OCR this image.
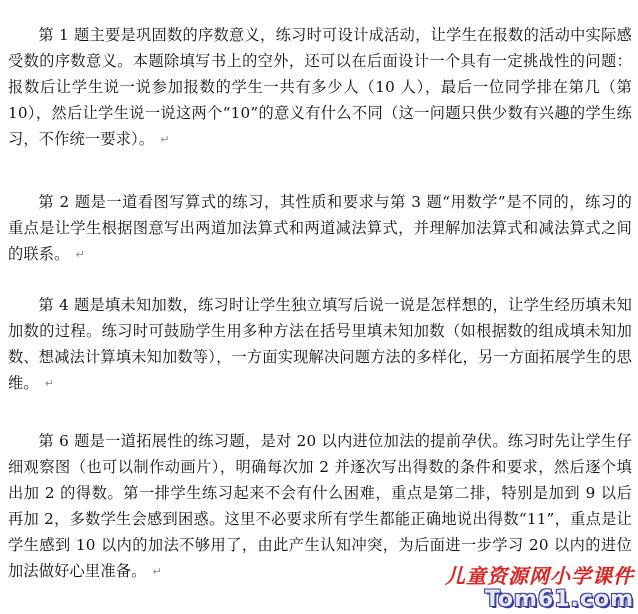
第 1 题主要是巩固数的序数意义，练习时可设计成活动，让学生在报数的活动中实际感受数的序数意义。本题除填写书上的空外，还可以在后面设计一个具有一定挑战性的问题：报数后让学生说一说参加报数的学生一共有多少人（10 人），最后一位同学排在第几（第 10），然后让学生说一说这两个“10”的意义有什么不同（这一问题只供少数有兴趣的学生练习，不作统一要求）。 ↵

第 2 题是一道看图写算式的练习，其性质和要求与第 3 题“用数学”是不同的，练习的重点是让学生根据图意写出两道加法算式和两道减法算式，并理解加法算式和减法算式之间的联系。 ↵

第 4 题是填未知加数，练习时让学生独立填写后说一说是怎样想的，让学生经历填未知加数的过程。练习时可鼓励学生用多种方法在括号里填未知加数（如根据数的组成填未知加数、想减法计算填未知加数等），一方面实现解决问题方法的多样化，另一方面拓展学生的思维。 ↵

第 6 题是一道拓展性的练习题，是对 20 以内进位加法的提前孕伏。练习时先让学生仔细观察图（也可以制作动画片），明确每次加 2 并逐次写出得数的条件和要求，然后逐个填出加 2 的得数。第一排学生练习起来不会有什么困难，重点是第二排，特别是加到 9 以后再加 2，多数学生会感到困惑。这里不必要求所有学生都能正确地说出得数“11”，重点是让学生感到 10 以内的加法不够用了，由此产生认知冲突，为后面进一步学习 20 以内的进位加法做好心里准备。 ↵	儿童资源网小学课件
Tom61.com
